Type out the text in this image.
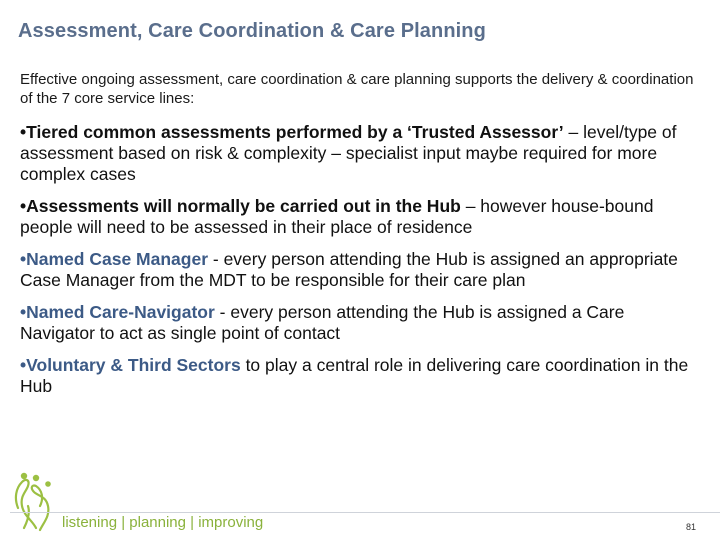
Assessment, Care Coordination & Care Planning

Effective ongoing assessment, care coordination & care planning supports the delivery & coordination of the 7 core service lines:

•Tiered common assessments performed by a ‘Trusted Assessor’ – level/type of assessment based on risk & complexity – specialist input maybe required for more complex cases

•Assessments will normally be carried out in the Hub – however house-bound people will need to be assessed in their place of residence

•Named Case Manager - every person attending the Hub is assigned an appropriate Case Manager from the MDT to be responsible for their care plan

•Named Care-Navigator - every person attending the Hub is assigned a Care Navigator to act as single point of contact

•Voluntary & Third Sectors to play a central role in delivering care coordination in the Hub

listening | planning | improving	81
